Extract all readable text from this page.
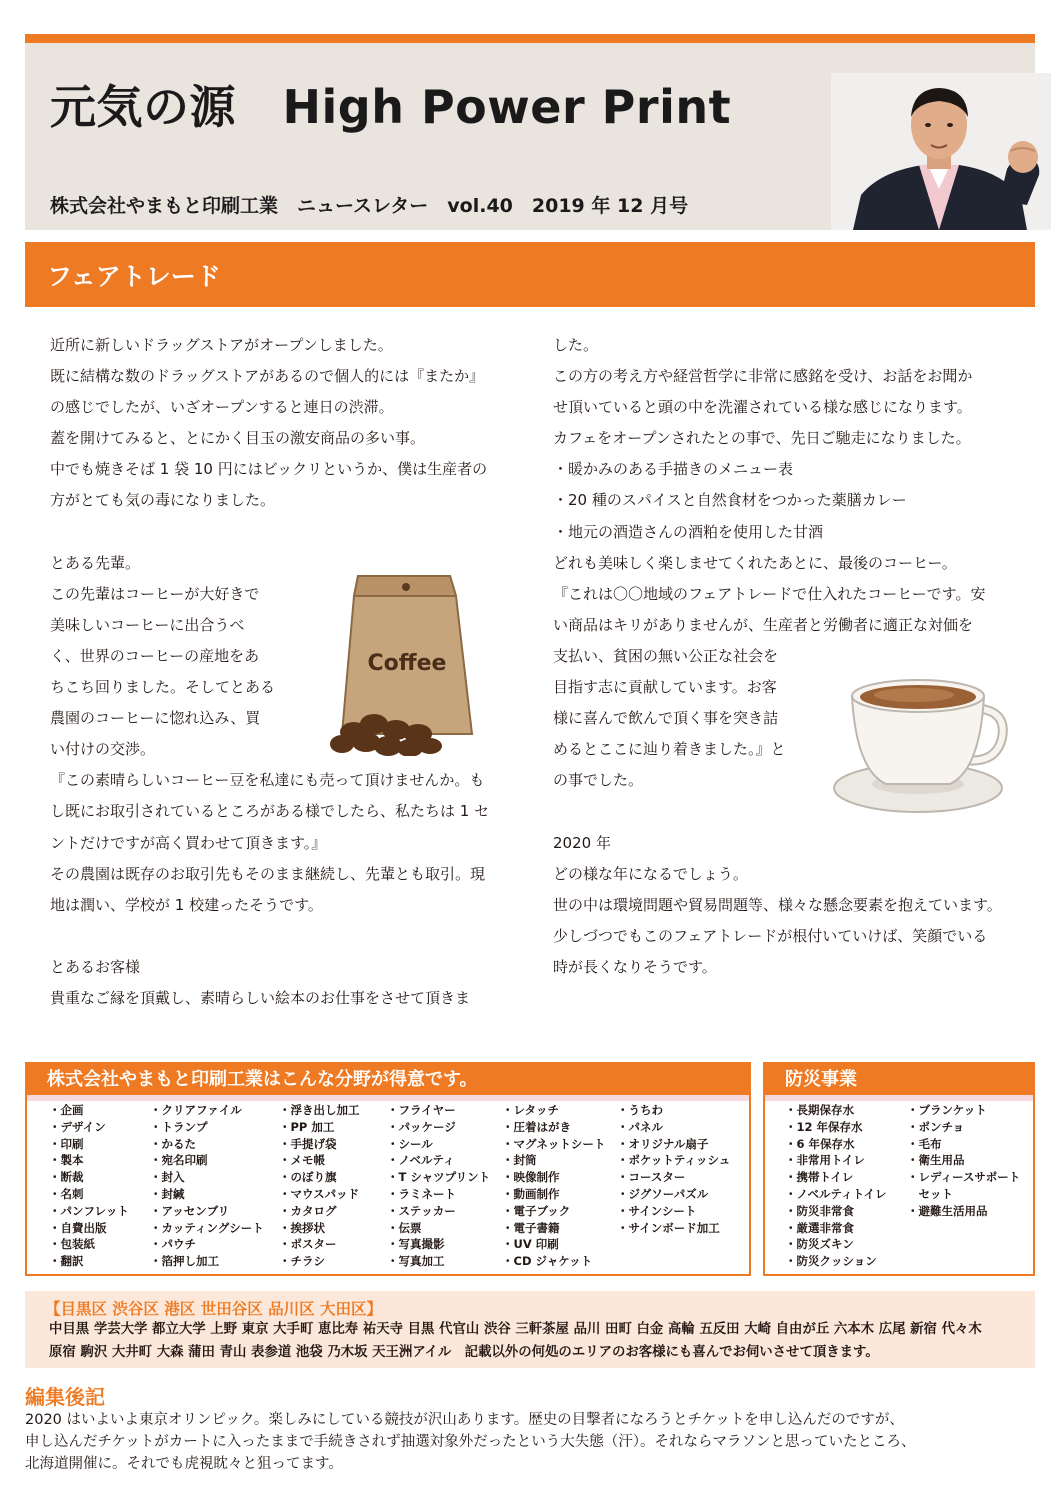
元気の源　High Power Print
株式会社やまもと印刷工業　ニュースレター　vol.40　2019 年 12 月号
フェアトレード

近所に新しいドラッグストアがオープンしました。

既に結構な数のドラッグストアがあるので個人的には『またか』

の感じでしたが、いざオープンすると連日の渋滞。

蓋を開けてみると、とにかく目玉の激安商品の多い事。

中でも焼きそば 1 袋 10 円にはビックリというか、僕は生産者の

方がとても気の毒になりました。

とある先輩。

この先輩はコーヒーが大好きで

美味しいコーヒーに出合うべ

く、世界のコーヒーの産地をあ

ちこち回りました。そしてとある

農園のコーヒーに惚れ込み、買

い付けの交渉。

『この素晴らしいコーヒー豆を私達にも売って頂けませんか。も

し既にお取引されているところがある様でしたら、私たちは 1 セ

ントだけですが高く買わせて頂きます。』

その農園は既存のお取引先もそのまま継続し、先輩とも取引。現

地は潤い、学校が 1 校建ったそうです。

とあるお客様

貴重なご縁を頂戴し、素晴らしい絵本のお仕事をさせて頂きま

した。

この方の考え方や経営哲学に非常に感銘を受け、お話をお聞か

せ頂いていると頭の中を洗濯されている様な感じになります。

カフェをオープンされたとの事で、先日ご馳走になりました。

・暖かみのある手描きのメニュー表

・20 種のスパイスと自然食材をつかった薬膳カレー

・地元の酒造さんの酒粕を使用した甘酒

どれも美味しく楽しませてくれたあとに、最後のコーヒー。

『これは〇〇地域のフェアトレードで仕入れたコーヒーです。安

い商品はキリがありませんが、生産者と労働者に適正な対価を

支払い、貧困の無い公正な社会を

目指す志に貢献しています。お客

様に喜んで飲んで頂く事を突き詰

めるとここに辿り着きました。』と

の事でした。

2020 年

どの様な年になるでしょう。

世の中は環境問題や貿易問題等、様々な懸念要素を抱えています。

少しづつでもこのフェアトレードが根付いていけば、笑顔でいる

時が長くなりそうです。

Coffee
株式会社やまもと印刷工業はこんな分野が得意です。
・企画
・デザイン
・印刷
・製本
・断裁
・名刺
・パンフレット
・自費出版
・包装紙
・翻訳
・クリアファイル
・トランプ
・かるた
・宛名印刷
・封入
・封緘
・アッセンブリ
・カッティングシート
・パウチ
・箔押し加工
・浮き出し加工
・PP 加工
・手提げ袋
・メモ帳
・のぼり旗
・マウスパッド
・カタログ
・挨拶状
・ポスター
・チラシ
・フライヤー
・パッケージ
・シール
・ノベルティ
・T シャツプリント
・ラミネート
・ステッカー
・伝票
・写真撮影
・写真加工
・レタッチ
・圧着はがき
・マグネットシート
・封筒
・映像制作
・動画制作
・電子ブック
・電子書籍
・UV 印刷
・CD ジャケット
・うちわ
・パネル
・オリジナル扇子
・ポケットティッシュ
・コースター
・ジグソーパズル
・サインシート
・サインボード加工
防災事業
・長期保存水
・12 年保存水
・6 年保存水
・非常用トイレ
・携帯トイレ
・ノベルティトイレ
・防災非常食
・厳選非常食
・防災ズキン
・防災クッション
・ブランケット
・ポンチョ
・毛布
・衛生用品
・レディースサポート
　セット
・避難生活用品
【目黒区 渋谷区 港区 世田谷区 品川区 大田区】

中目黒 学芸大学 都立大学 上野 東京 大手町 恵比寿 祐天寺 目黒 代官山 渋谷 三軒茶屋 品川 田町 白金 高輪 五反田 大崎 自由が丘 六本木 広尾 新宿 代々木

原宿 駒沢 大井町 大森 蒲田 青山 表参道 池袋 乃木坂 天王洲アイル　記載以外の何処のエリアのお客様にも喜んでお伺いさせて頂きます。

編集後記

2020 はいよいよ東京オリンピック。楽しみにしている競技が沢山あります。歴史の目撃者になろうとチケットを申し込んだのですが、

申し込んだチケットがカートに入ったままで手続きされず抽選対象外だったという大失態（汗）。それならマラソンと思っていたところ、

北海道開催に。それでも虎視眈々と狙ってます。
